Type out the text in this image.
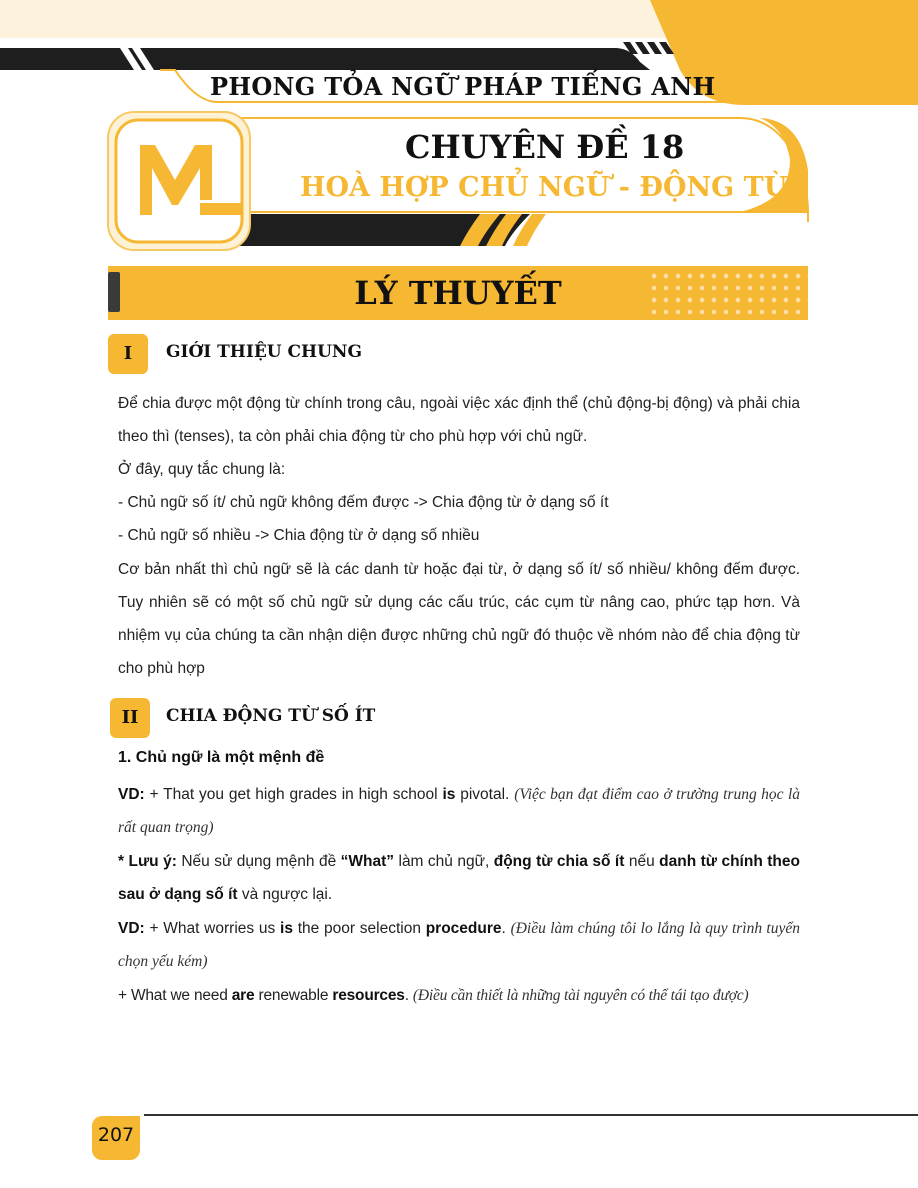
PHONG TỎA NGỮ PHÁP TIẾNG ANH
CHUYÊN ĐỀ 18
HOÀ HỢP CHỦ NGỮ - ĐỘNG TỪ
LÝ THUYẾT
I	GIỚI THIỆU CHUNG
Để chia được một động từ chính trong câu, ngoài việc xác định thể (chủ động-bị động) và phải chia theo thì (tenses), ta còn phải chia động từ cho phù hợp với chủ ngữ.
Ở đây, quy tắc chung là:
- Chủ ngữ số ít/ chủ ngữ không đếm được -> Chia động từ ở dạng số ít
- Chủ ngữ số nhiều -> Chia động từ ở dạng số nhiều
Cơ bản nhất thì chủ ngữ sẽ là các danh từ hoặc đại từ, ở dạng số ít/ số nhiều/ không đếm được. Tuy nhiên sẽ có một số chủ ngữ sử dụng các cấu trúc, các cụm từ nâng cao, phức tạp hơn. Và nhiệm vụ của chúng ta cần nhận diện được những chủ ngữ đó thuộc về nhóm nào để chia động từ cho phù hợp
II	CHIA ĐỘNG TỪ SỐ ÍT
1. Chủ ngữ là một mệnh đề
VD: + That you get high grades in high school is pivotal. (Việc bạn đạt điểm cao ở trường trung học là rất quan trọng)
* Lưu ý: Nếu sử dụng mệnh đề “What” làm chủ ngữ, động từ chia số ít nếu danh từ chính theo sau ở dạng số ít và ngược lại.
VD: + What worries us is the poor selection procedure. (Điều làm chúng tôi lo lắng là quy trình tuyển chọn yếu kém)
+ What we need are renewable resources. (Điều cần thiết là những tài nguyên có thể tái tạo được)
207
